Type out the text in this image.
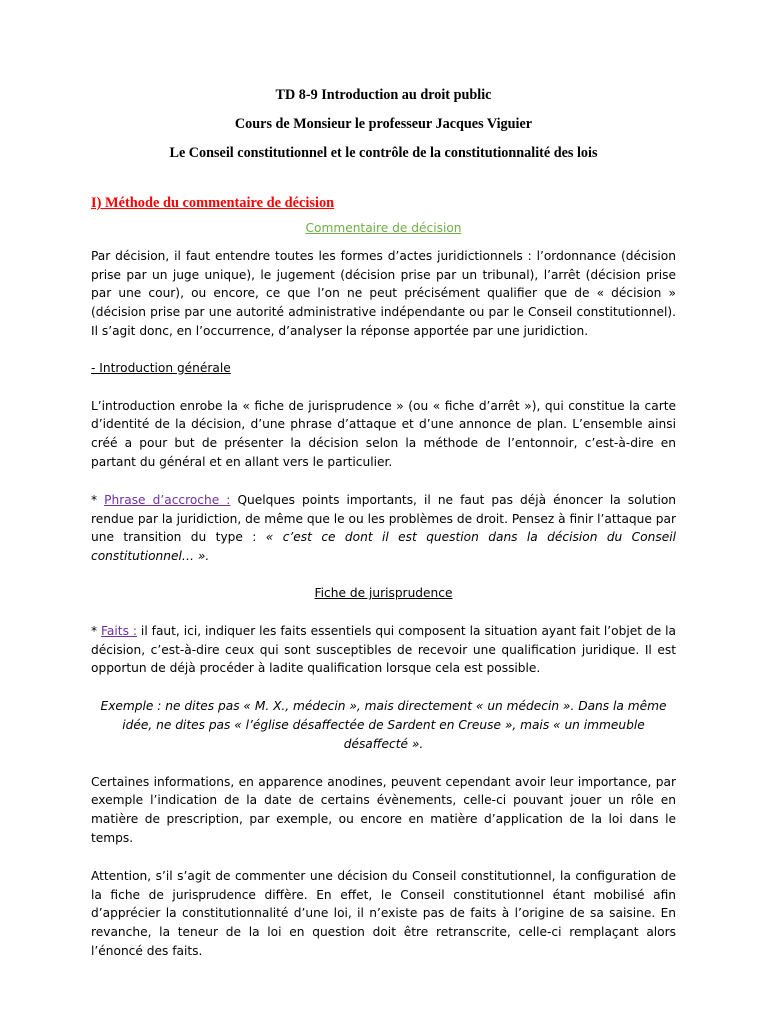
TD 8-9 Introduction au droit public

Cours de Monsieur le professeur Jacques Viguier

Le Conseil constitutionnel et le contrôle de la constitutionnalité des lois

I) Méthode du commentaire de décision

Commentaire de décision

Par décision, il faut entendre toutes les formes d’actes juridictionnels : l’ordonnance (décision prise par un juge unique), le jugement (décision prise par un tribunal), l’arrêt (décision prise par une cour), ou encore, ce que l’on ne peut précisément qualifier que de « décision » (décision prise par une autorité administrative indépendante ou par le Conseil constitutionnel). Il s’agit donc, en l’occurrence, d’analyser la réponse apportée par une juridiction.

- Introduction générale

L’introduction enrobe la « fiche de jurisprudence » (ou « fiche d’arrêt »), qui constitue la carte d’identité de la décision, d’une phrase d’attaque et d’une annonce de plan. L’ensemble ainsi créé a pour but de présenter la décision selon la méthode de l’entonnoir, c’est-à-dire en partant du général et en allant vers le particulier.

* Phrase d’accroche : Quelques points importants, il ne faut pas déjà énoncer la solution rendue par la juridiction, de même que le ou les problèmes de droit. Pensez à finir l’attaque par une transition du type : « c’est ce dont il est question dans la décision du Conseil constitutionnel… ».

Fiche de jurisprudence

* Faits : il faut, ici, indiquer les faits essentiels qui composent la situation ayant fait l’objet de la décision, c’est-à-dire ceux qui sont susceptibles de recevoir une qualification juridique. Il est opportun de déjà procéder à ladite qualification lorsque cela est possible.

Exemple : ne dites pas « M. X., médecin », mais directement « un médecin ». Dans la même idée, ne dites pas « l’église désaffectée de Sardent en Creuse », mais « un immeuble désaffecté ».

Certaines informations, en apparence anodines, peuvent cependant avoir leur importance, par exemple l’indication de la date de certains évènements, celle-ci pouvant jouer un rôle en matière de prescription, par exemple, ou encore en matière d’application de la loi dans le temps.

Attention, s’il s’agit de commenter une décision du Conseil constitutionnel, la configuration de la fiche de jurisprudence diffère. En effet, le Conseil constitutionnel étant mobilisé afin d’apprécier la constitutionnalité d’une loi, il n’existe pas de faits à l’origine de sa saisine. En revanche, la teneur de la loi en question doit être retranscrite, celle-ci remplaçant alors l’énoncé des faits.
